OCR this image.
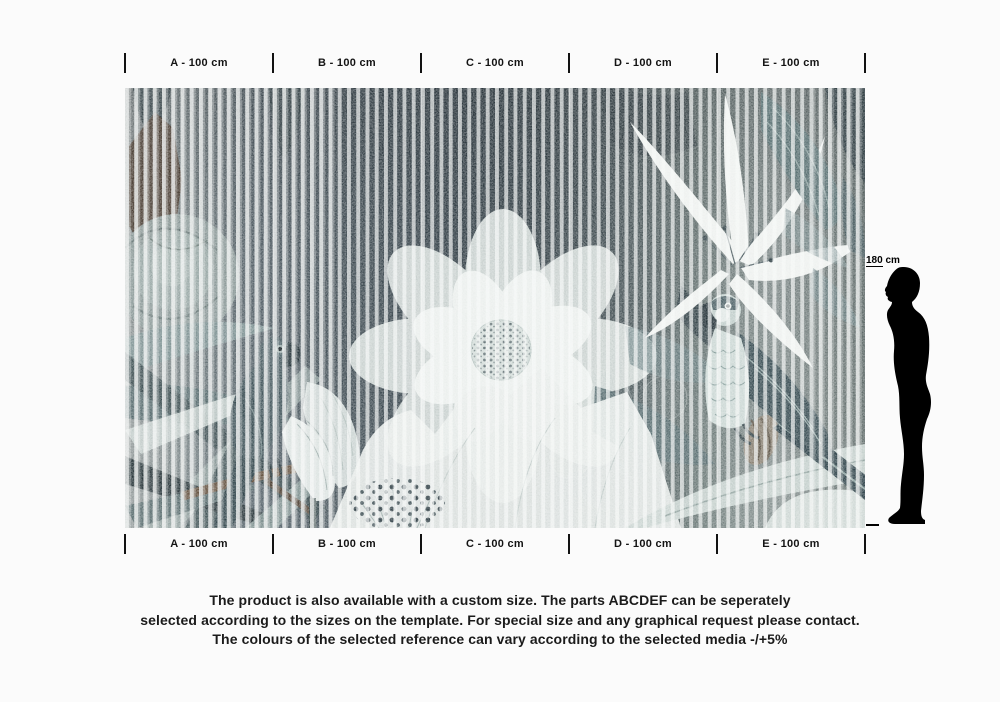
A - 100 cm	B - 100 cm	C - 100 cm	D - 100 cm	E - 100 cm
A - 100 cm	B - 100 cm	C - 100 cm	D - 100 cm	E - 100 cm
180 cm

The product is also available with a custom size. The parts ABCDEF can be seperately

selected according to the sizes on the template. For special size and any graphical request please contact.

The colours of the selected reference can vary according to the selected media -/+5%
